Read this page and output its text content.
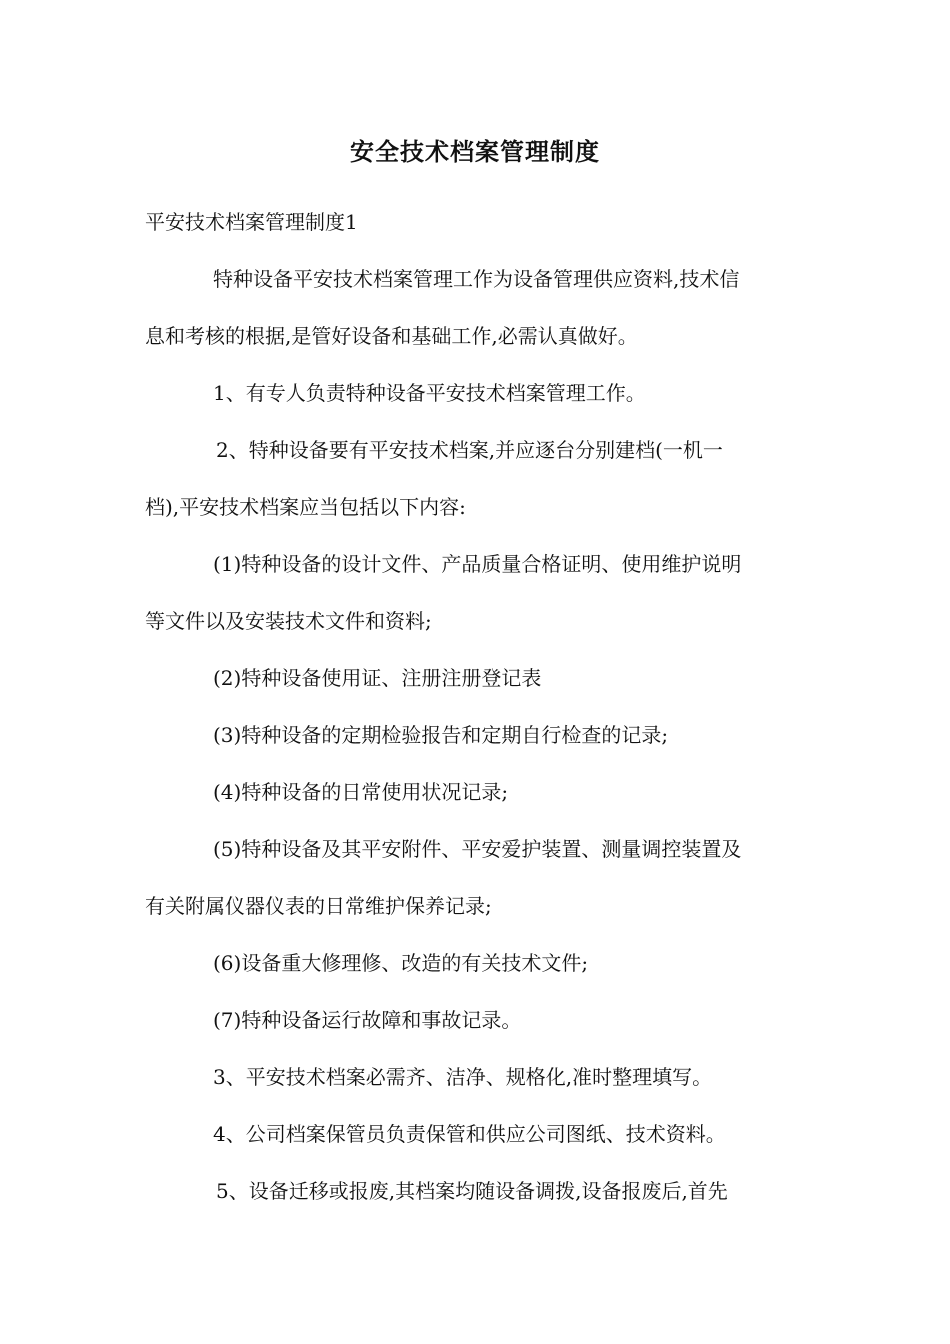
安全技术档案管理制度
平安技术档案管理制度1
特种设备平安技术档案管理工作为设备管理供应资料,技术信
息和考核的根据,是管好设备和基础工作,必需认真做好。
1、有专人负责特种设备平安技术档案管理工作。
2、特种设备要有平安技术档案,并应逐台分别建档(一机一
档),平安技术档案应当包括以下内容:
(1)特种设备的设计文件、产品质量合格证明、使用维护说明
等文件以及安装技术文件和资料;
(2)特种设备使用证、注册注册登记表
(3)特种设备的定期检验报告和定期自行检查的记录;
(4)特种设备的日常使用状况记录;
(5)特种设备及其平安附件、平安爱护装置、测量调控装置及
有关附属仪器仪表的日常维护保养记录;
(6)设备重大修理修、改造的有关技术文件;
(7)特种设备运行故障和事故记录。
3、平安技术档案必需齐、洁净、规格化,准时整理填写。
4、公司档案保管员负责保管和供应公司图纸、技术资料。
5、设备迁移或报废,其档案均随设备调拨,设备报废后,首先
